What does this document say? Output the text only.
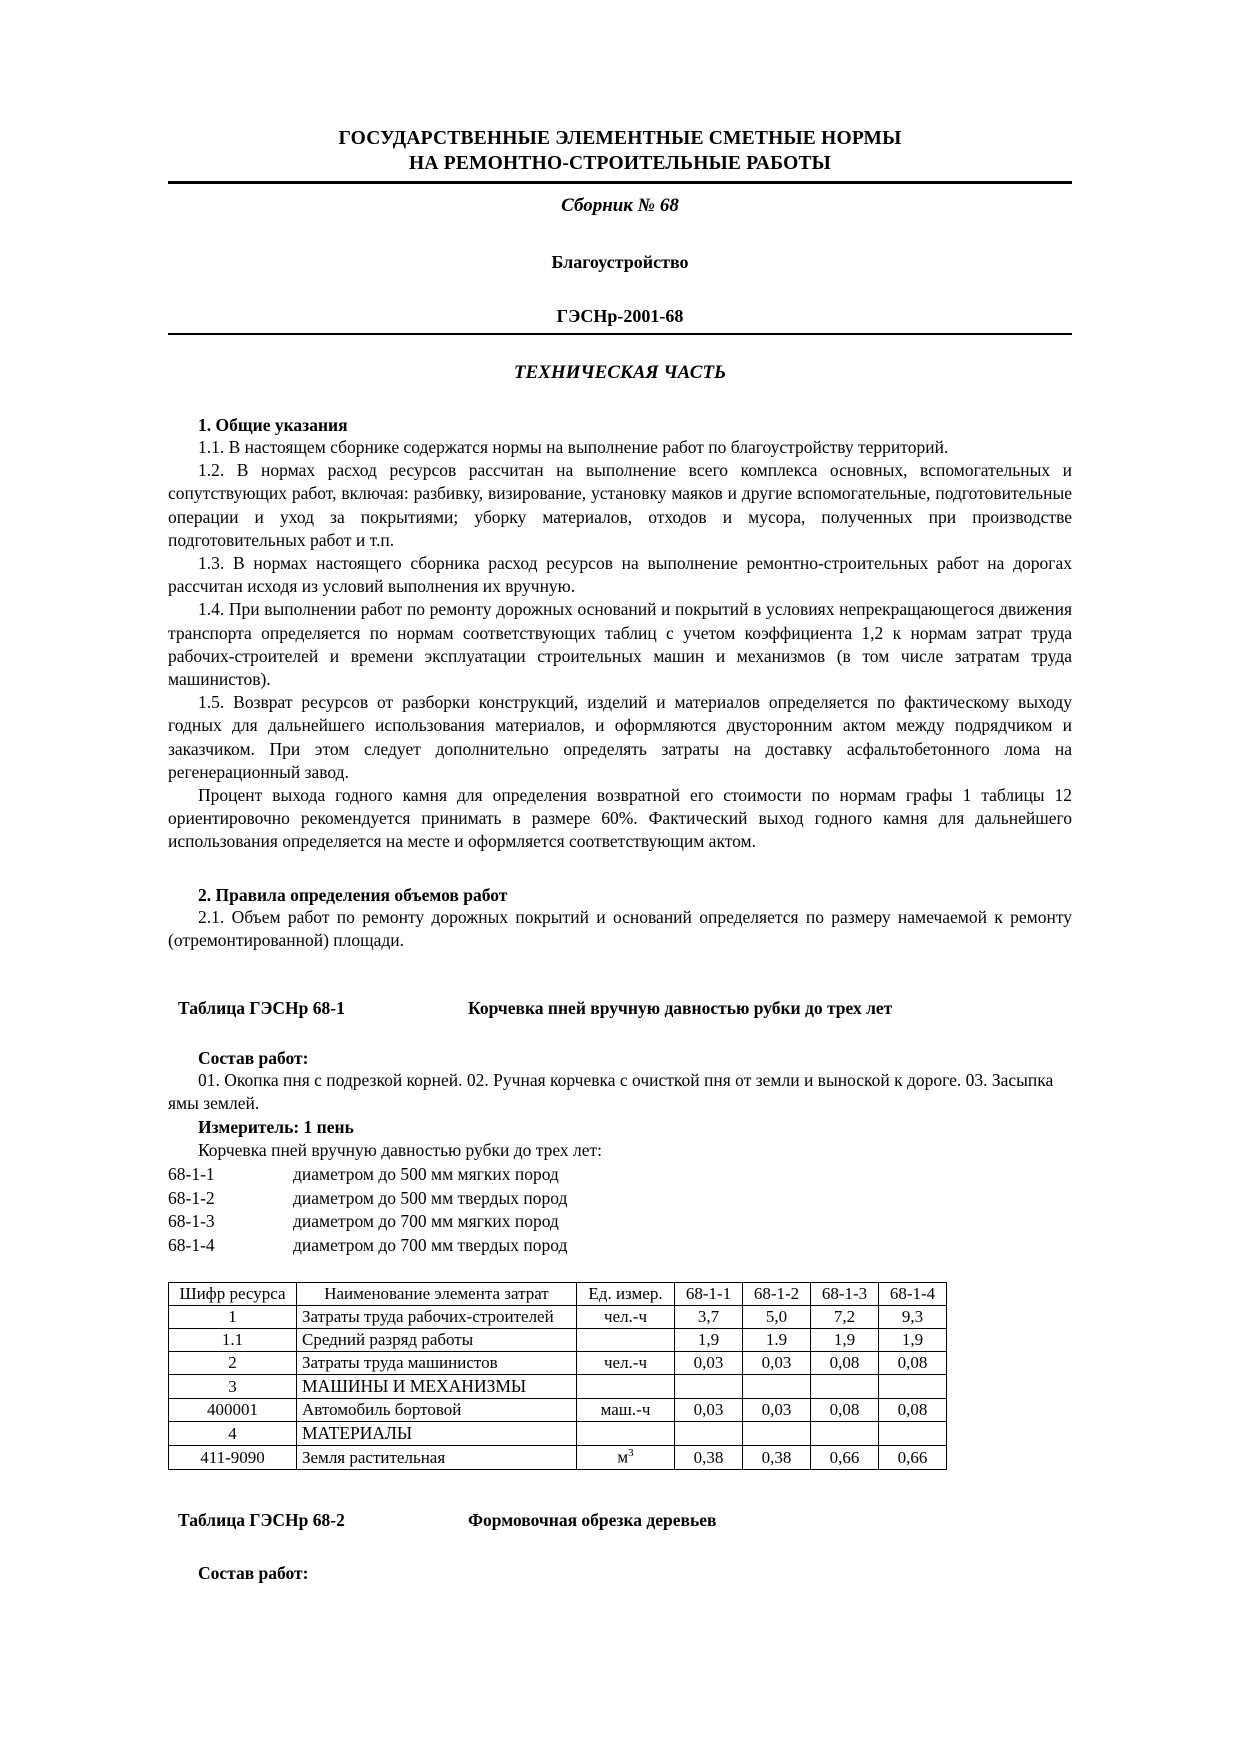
ГОСУДАРСТВЕННЫЕ ЭЛЕМЕНТНЫЕ СМЕТНЫЕ НОРМЫ
НА РЕМОНТНО-СТРОИТЕЛЬНЫЕ РАБОТЫ
Сборник № 68
Благоустройство
ГЭСНр-2001-68
ТЕХНИЧЕСКАЯ ЧАСТЬ
1. Общие указания

1.1. В настоящем сборнике содержатся нормы на выполнение работ по благоустройству территорий.

1.2. В нормах расход ресурсов рассчитан на выполнение всего комплекса основных, вспомогательных и сопутствующих работ, включая: разбивку, визирование, установку маяков и другие вспомогательные, подготовительные операции и уход за покрытиями; уборку материалов, отходов и мусора, полученных при производстве подготовительных работ и т.п.

1.3. В нормах настоящего сборника расход ресурсов на выполнение ремонтно-строительных работ на дорогах рассчитан исходя из условий выполнения их вручную.

1.4. При выполнении работ по ремонту дорожных оснований и покрытий в условиях непрекращающегося движения транспорта определяется по нормам соответствующих таблиц с учетом коэффициента 1,2 к нормам затрат труда рабочих-строителей и времени эксплуатации строительных машин и механизмов (в том числе затратам труда машинистов).

1.5. Возврат ресурсов от разборки конструкций, изделий и материалов определяется по фактическому выходу годных для дальнейшего использования материалов, и оформляются двусторонним актом между подрядчиком и заказчиком. При этом следует дополнительно определять затраты на доставку асфальтобетонного лома на регенерационный завод.

Процент выхода годного камня для определения возвратной его стоимости по нормам графы 1 таблицы 12 ориентировочно рекомендуется принимать в размере 60%. Фактический выход годного камня для дальнейшего использования определяется на месте и оформляется соответствующим актом.

2. Правила определения объемов работ

2.1. Объем работ по ремонту дорожных покрытий и оснований определяется по размеру намечаемой к ремонту (отремонтированной) площади.

Таблица ГЭСНр 68-1	Корчевка пней вручную давностью рубки до трех лет
Состав работ:

01. Окопка пня с подрезкой корней. 02. Ручная корчевка с очисткой пня от земли и выноской к дороге. 03. Засыпка ямы землей.

Измеритель: 1 пень
Корчевка пней вручную давностью рубки до трех лет:
68-1-1	диаметром до 500 мм мягких пород
68-1-2	диаметром до 500 мм твердых пород
68-1-3	диаметром до 700 мм мягких пород
68-1-4	диаметром до 700 мм твердых пород
Шифр ресурса	Наименование элемента затрат	Ед. измер.	68-1-1	68-1-2	68-1-3	68-1-4
1	Затраты труда рабочих-строителей	чел.-ч	3,7	5,0	7,2	9,3
1.1	Средний разряд работы		1,9	1.9	1,9	1,9
2	Затраты труда машинистов	чел.-ч	0,03	0,03	0,08	0,08
3	МАШИНЫ И МЕХАНИЗМЫ					
400001	Автомобиль бортовой	маш.-ч	0,03	0,03	0,08	0,08
4	МАТЕРИАЛЫ					
411-9090	Земля растительная	$м^3$	0,38	0,38	0,66	0,66
Таблица ГЭСНр 68-2	Формовочная обрезка деревьев
Состав работ:
